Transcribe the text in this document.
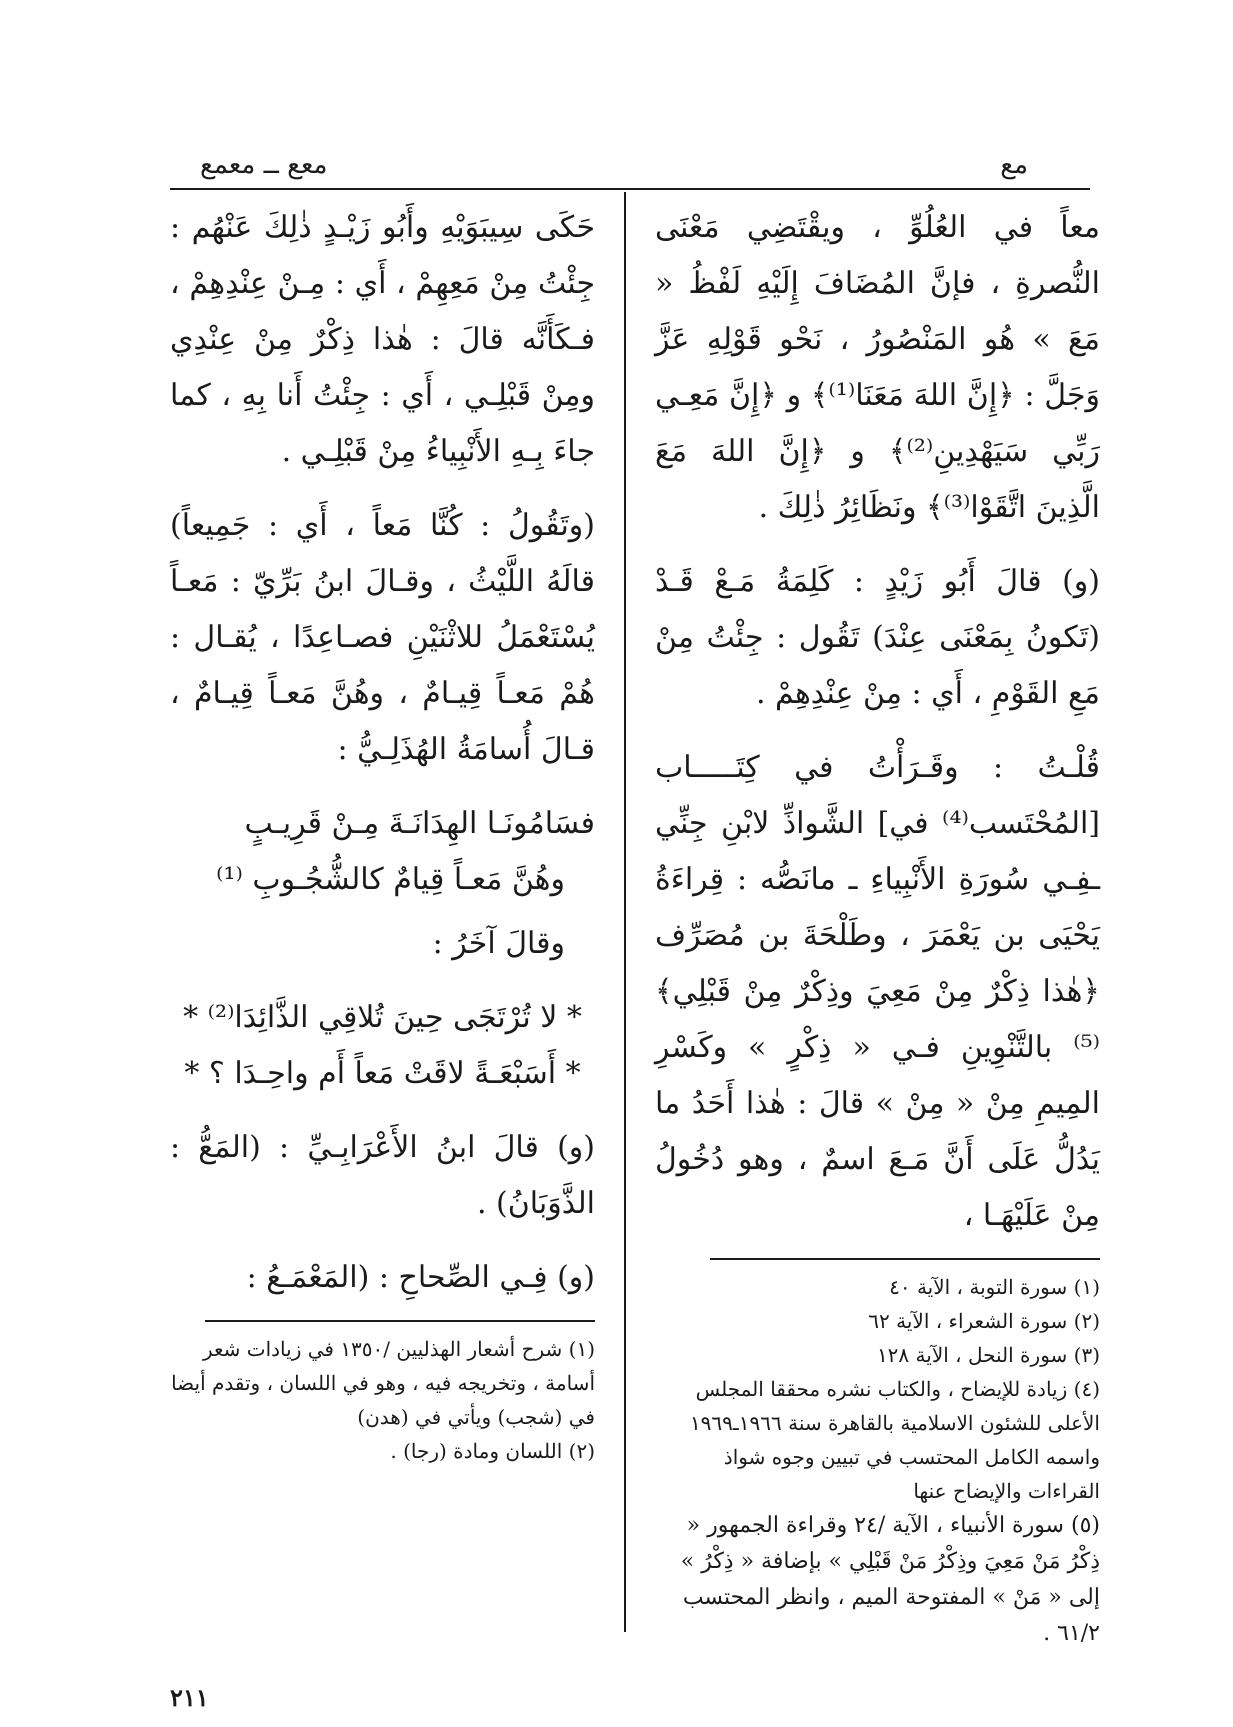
مع
معع ــ معمع

معاً في العُلُوِّ ، ويقْتَضِي مَعْنَى النُّصرةِ ، فإنَّ المُضَافَ إِلَيْهِ لَفْظُ « مَعَ » هُو المَنْصُورُ ، نَحْو قَوْلِهِ عَزَّ وَجَلَّ : ﴿إِنَّ اللهَ مَعَنَا⁽¹⁾﴾ و ﴿إِنَّ مَعِـي رَبِّي سَيَهْدِينِ⁽²⁾﴾ و ﴿إِنَّ اللهَ مَعَ الَّذِينَ اتَّقَوْا⁽³⁾﴾ ونَظَائِرُ ذٰلِكَ .

(و) قالَ أَبُو زَيْدٍ : كَلِمَةُ مَـعْ قَـدْ (تَكونُ بِمَعْنَى عِنْدَ) تَقُول : جِئْتُ مِنْ مَعِ القَوْمِ ، أَي : مِنْ عِنْدِهِمْ .

قُلْـتُ : وقَـرَأْتُ في كِتَـــــاب [المُحْتَسب⁽⁴⁾ في] الشَّواذِّ لابْنِ جِنِّي ـفِـي سُورَةِ الأَنْبِياءِ ـ مانَصُّه : قِراءَةُ يَحْيَى بن يَعْمَرَ ، وطَلْحَةَ بن مُصَرِّف ﴿هٰذا ذِكْرٌ مِنْ مَعِيَ وذِكْرٌ مِنْ قَبْلِي﴾⁽⁵⁾ بالتَّنْوِينِ فـي « ذِكْرٍ » وكَسْرِ المِيمِ مِنْ « مِنْ » قالَ : هٰذا أَحَدُ ما يَدُلُّ عَلَى أَنَّ مَـعَ اسمٌ ، وهو دُخُولُ مِنْ عَلَيْهَـا ،

(١) سورة التوبة ، الآية ٤٠

(٢) سورة الشعراء ، الآية ٦٢

(٣) سورة النحل ، الآية ١٢٨

(٤) زيادة للإيضاح ، والكتاب نشره محققا المجلس الأعلى للشئون الاسلامية بالقاهرة سنة ١٩٦٦ـ١٩٦٩ واسمه الكامل المحتسب في تبيين وجوه شواذ القراءات والإيضاح عنها

(٥) سورة الأنبياء ، الآية /٢٤ وقراءة الجمهور « ذِكْرُ مَنْ مَعِيَ وذِكْرُ مَنْ قَبْلِي » بإضافة « ذِكْرُ » إلى « مَنْ » المفتوحة الميم ، وانظر المحتسب ٦١/٢ .

حَكَى سِيبَوَيْهِ وأَبُو زَيْـدٍ ذٰلِكَ عَنْهُم : جِئْتُ مِنْ مَعِهِمْ ، أَي : مِـنْ عِنْدِهِمْ ، فـكَأَنَّه قالَ : هٰذا ذِكْرٌ مِنْ عِنْدِي ومِنْ قَبْلِـي ، أَي : جِئْتُ أَنا بِهِ ، كما جاءَ بِـهِ الأَنْبِياءُ مِنْ قَبْلِـي .

(وتَقُولُ : كُنَّا مَعاً ، أَي : جَمِيعاً) قالَهُ اللَّيْثُ ، وقـالَ ابنُ بَرِّيّ : مَعـاً يُسْتَعْمَلُ للاثْنَيْنِ فصـاعِدًا ، يُقـال : هُمْ مَعـاً قِيـامٌ ، وهُنَّ مَعـاً قِيـامٌ ، قـالَ أُسامَةُ الهُذَلِـيُّ :

فسَامُونَـا الهِدَانَـةَ مِـنْ قَرِيـبٍ

وهُنَّ مَعـاً قِيامٌ كالشُّجُـوبِ ⁽¹⁾

وقالَ آخَرُ :

* لا تُرْتَجَى حِينَ تُلاقِي الذَّائِدَا⁽²⁾ *

* أَسَبْعَـةً لاقَتْ مَعاً أَم واحِـدَا ؟ *

(و) قالَ ابنُ الأَعْرَابِـيِّ : (المَعُّ : الذَّوَبَانُ) .

(و) فِـي الصِّحاحِ : (المَعْمَـعُ :

(١) شرح أشعار الهذليين /١٣٥٠ في زيادات شعر أسامة ، وتخريجه فيه ، وهو في اللسان ، وتقدم أيضا في (شجب) ويأتي في (هدن)

(٢) اللسان ومادة (رجا) .

٢١١
